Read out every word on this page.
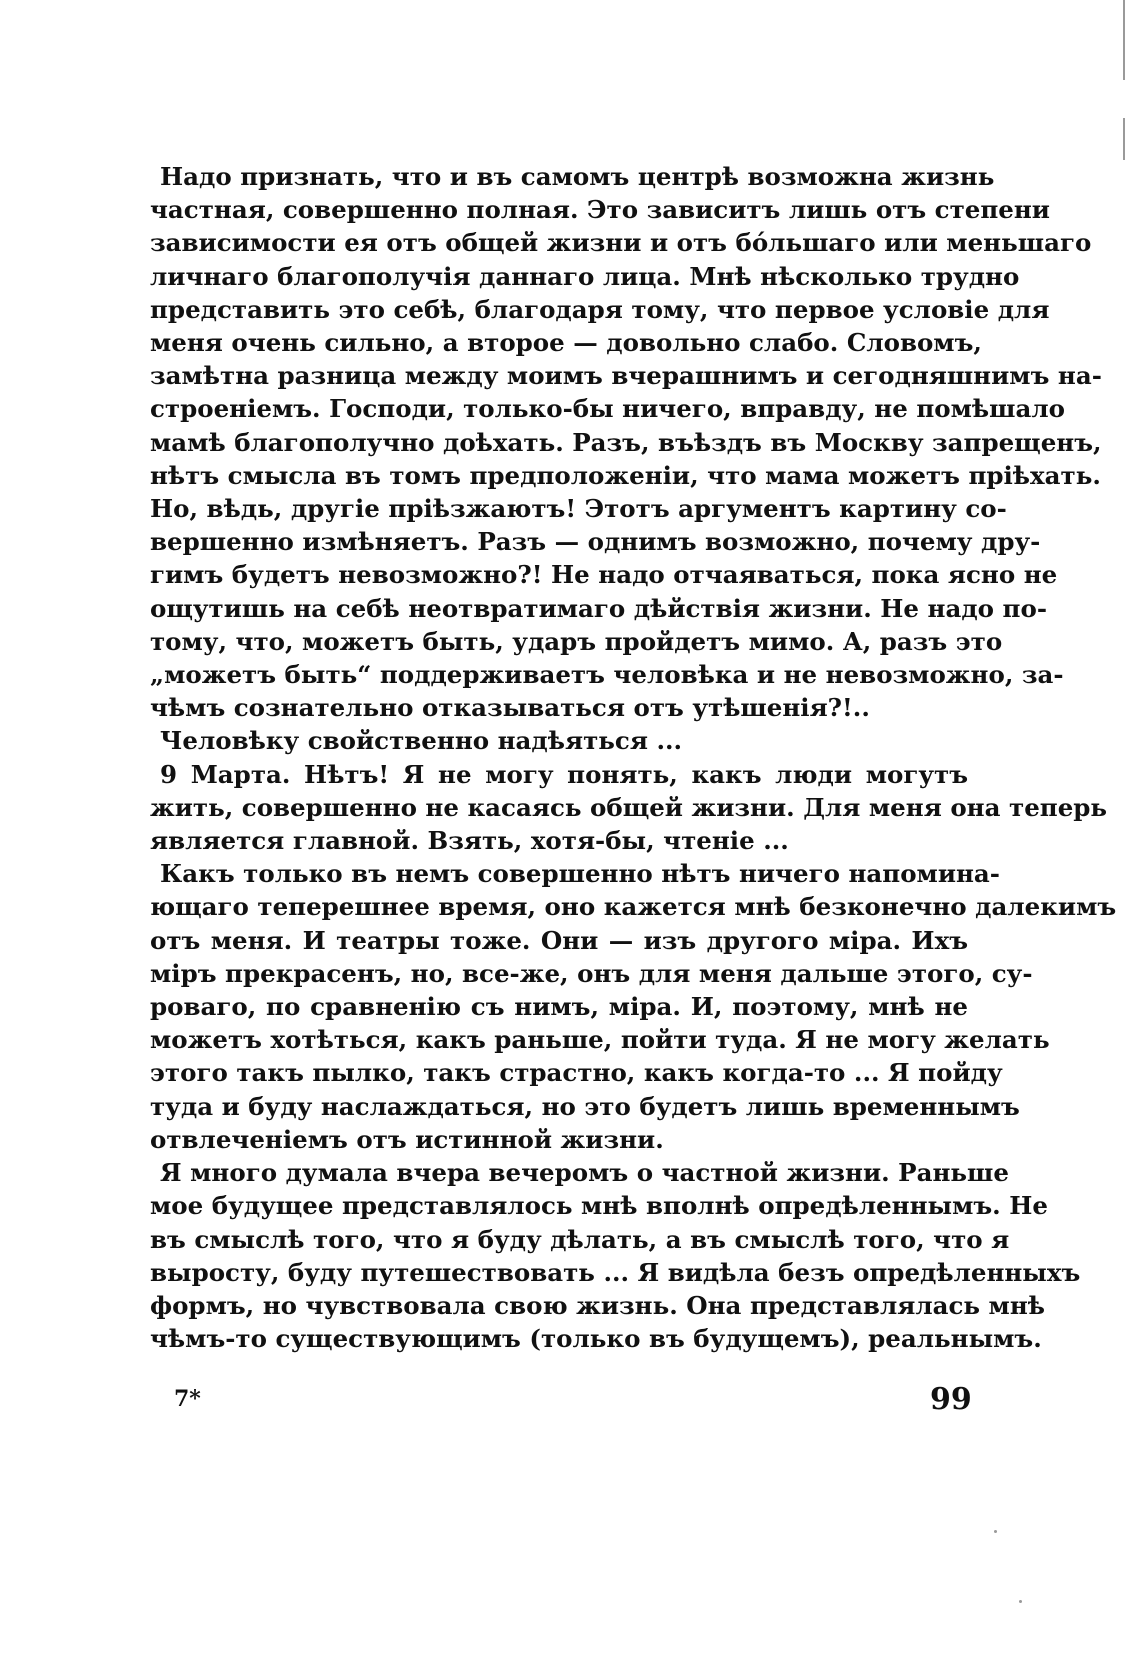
Надо признать, что и въ самомъ центрѣ возможна жизнь
частная, совершенно полная. Это зависитъ лишь отъ степени
зависимости ея отъ общей жизни и отъ бо́льшаго или меньшаго
личнаго благополучія даннаго лица. Мнѣ нѣсколько трудно
представить это себѣ, благодаря тому, что первое условіе для
меня очень сильно, а второе — довольно слабо. Словомъ,
замѣтна разница между моимъ вчерашнимъ и сегодняшнимъ на-
строеніемъ. Господи, только-бы ничего, вправду, не помѣшало
мамѣ благополучно доѣхать. Разъ, въѣздъ въ Москву запрещенъ,
нѣтъ смысла въ томъ предположеніи, что мама можетъ пріѣхать.
Но, вѣдь, другіе пріѣзжаютъ! Этотъ аргументъ картину со-
вершенно измѣняетъ. Разъ — однимъ возможно, почему дру-
гимъ будетъ невозможно?! Не надо отчаяваться, пока ясно не
ощутишь на себѣ неотвратимаго дѣйствія жизни. Не надо по-
тому, что, можетъ быть, ударъ пройдетъ мимо. А, разъ это
„можетъ быть“ поддерживаетъ человѣка и не невозможно, за-
чѣмъ сознательно отказываться отъ утѣшенія?!..
Человѣку свойственно надѣяться ...
9 Марта. Нѣтъ! Я не могу понять, какъ люди могутъ
жить, совершенно не касаясь общей жизни. Для меня она теперь
является главной. Взять, хотя-бы, чтеніе ...
Какъ только въ немъ совершенно нѣтъ ничего напомина-
ющаго теперешнее время, оно кажется мнѣ безконечно далекимъ
отъ меня. И театры тоже. Они — изъ другого міра. Ихъ
міръ прекрасенъ, но, все-же, онъ для меня дальше этого, су-
роваго, по сравненію съ нимъ, міра. И, поэтому, мнѣ не
можетъ хотѣться, какъ раньше, пойти туда. Я не могу желать
этого такъ пылко, такъ страстно, какъ когда-то ... Я пойду
туда и буду наслаждаться, но это будетъ лишь временнымъ
отвлеченіемъ отъ истинной жизни.
Я много думала вчера вечеромъ о частной жизни. Раньше
мое будущее представлялось мнѣ вполнѣ опредѣленнымъ. Не
въ смыслѣ того, что я буду дѣлать, а въ смыслѣ того, что я
выросту, буду путешествовать ... Я видѣла безъ опредѣленныхъ
формъ, но чувствовала свою жизнь. Она представлялась мнѣ
чѣмъ-то существующимъ (только въ будущемъ), реальнымъ.
7*	99
